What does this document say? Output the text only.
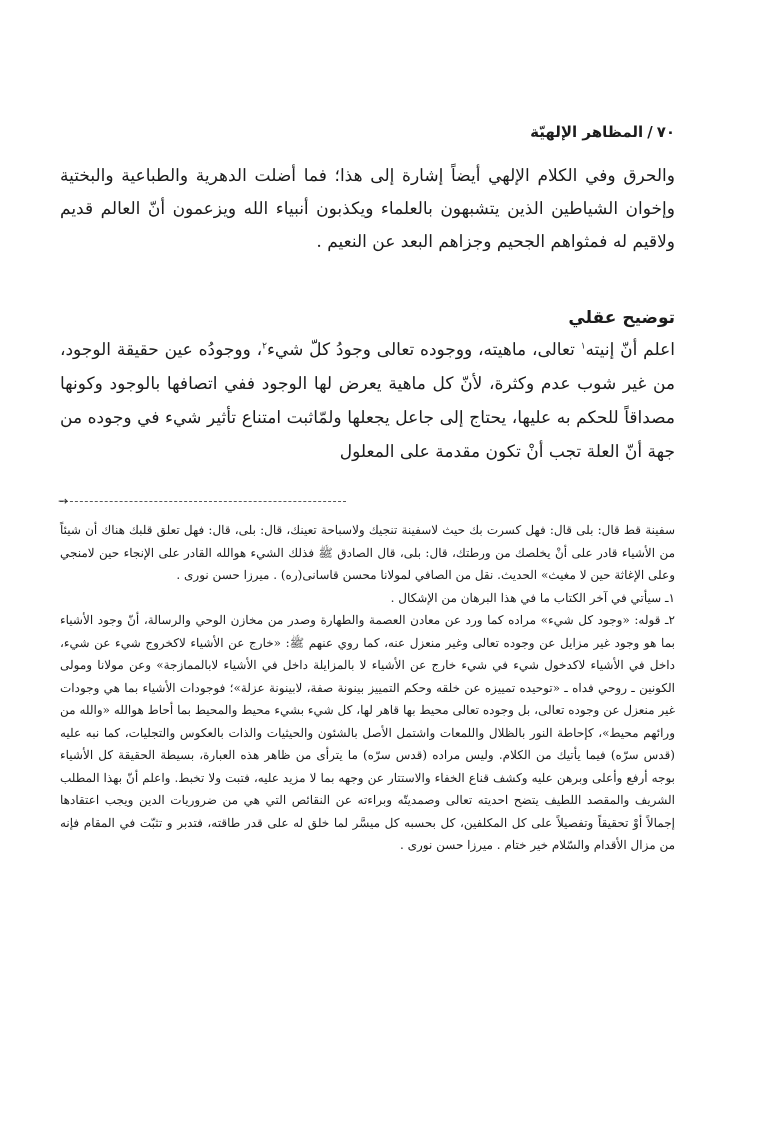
٧٠/المظاهر الإلهيّة

والحرق وفي الكلام الإلهي أيضاً إشارة إلى هذا؛ فما أضلت الدهرية والطباعية والبختية وإخوان الشياطين الذين يتشبهون بالعلماء ويكذبون أنبياء الله ويزعمون أنّ العالم قديم ولاقيم له فمثواهم الجحيم وجزاهم البعد عن النعيم .

توضيح عقلي

اعلم أنّ إنيته$^١$ تعالى، ماهيته، ووجوده تعالى وجودُ كلّ شيء$^٢$، ووجودُه عين حقيقة الوجود، من غير شوب عدم وكثرة، لأنّ كل ماهية يعرض لها الوجود ففي اتصافها بالوجود وكونها مصداقاً للحكم به عليها، يحتاج إلى جاعل يجعلها ولمّاثبت امتناع تأثير شيء في وجوده من جهة أنّ العلة تجب أنْ تكون مقدمة على المعلول

→

سفينة قط قال: بلى قال: فهل كسرت بك حيث لاسفينة تنجيك ولاسباحة تعينك، قال: بلى، قال: فهل تعلق قلبك هناك أن شيئاً من الأشياء قادر على أنْ يخلصك من ورطتك، قال: بلى، قال الصادق ﷺ فذلك الشيء هوالله القادر على الإنجاء حين لامنجي وعلى الإغاثة حين لا مغيث» الحديث. نقل من الصافي لمولانا محسن قاسانى(ره) . ميرزا حسن نورى .

١ـ سيأتي في آخر الكتاب ما في هذا البرهان من الإشكال .

٢ـ قوله: «وجود كل شيء» مراده كما ورد عن معادن العصمة والطهارة وصدر من مخازن الوحي والرسالة، أنّ وجود الأشياء بما هو وجود غير مزايل عن وجوده تعالى وغير منعزل عنه، كما روي عنهم ﷺ: «خارج عن الأشياء لاكخروج شيء عن شيء، داخل في الأشياء لاكدخول شيء في شيء خارج عن الأشياء لا بالمزايلة داخل في الأشياء لابالممازجة» وعن مولانا ومولى الكونين ـ روحي فداه ـ «توحيده تمييزه عن خلقه وحكم التمييز بينونة صفة، لابينونة عزلة»؛ فوجودات الأشياء بما هي وجودات غير منعزل عن وجوده تعالى، بل وجوده تعالى محيط بها قاهر لها، كل شيء بشيء محيط والمحيط بما أحاط هوالله «والله من ورائهم محيط»، كإحاطة النور بالظلال واللمعات واشتمل الأصل بالشئون والحيثيات والذات بالعكوس والتجليات، كما نبه عليه (قدس سرّه) فيما يأتيك من الكلام. وليس مراده (قدس سرّه) ما يترأى من ظاهر هذه العبارة، بسيطة الحقيقة كل الأشياء بوجه أرفع وأعلى وبرهن عليه وكشف قناع الخفاء والاستتار عن وجهه بما لا مزيد عليه، فتبت ولا تخبط. واعلم أنّ بهذا المطلب الشريف والمقصد اللطيف يتضح احديته تعالى وصمديتّه وبراءته عن النقائص التي هي من ضروريات الدين ويجب اعتقادها إجمالاً أوْ تحقيقاً وتفصيلاً على كل المكلفين، كل بحسبه كل ميسَّر لما خلق له على قدر طاقته، فتدبر و تثبّت في المقام فإنه من مزال الأقدام والسّلام خير ختام . ميرزا حسن نورى .
